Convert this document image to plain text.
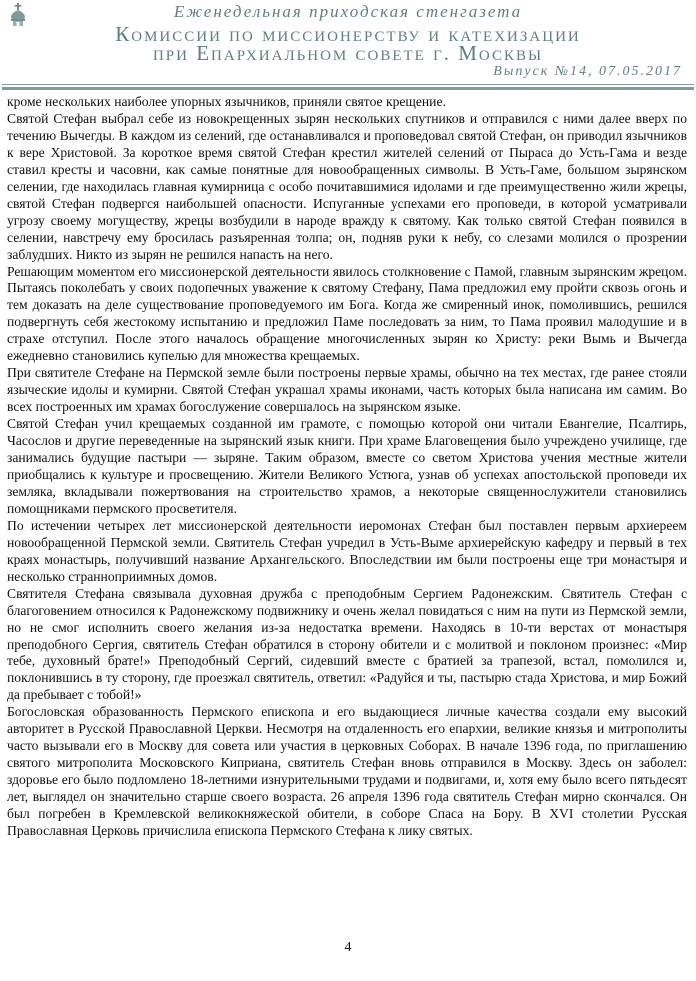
Еженедельная приходская стенгазета
Комиссии по миссионерству и катехизации
при Епархиальном совете г. Москвы
Выпуск №14, 07.05.2017

кроме нескольких наиболее упорных язычников, приняли святое крещение.

Святой Стефан выбрал себе из новокрещенных зырян нескольких спутников и отправился с ними далее вверх по течению Вычегды. В каждом из селений, где останавливался и проповедовал святой Стефан, он приводил язычников к вере Христовой. За короткое время святой Стефан крестил жителей селений от Пыраса до Усть-Гама и везде ставил кресты и часовни, как самые понятные для новообращенных символы. В Усть-Гаме, большом зырянском селении, где находилась главная кумирница с особо почитавшимися идолами и где преимущественно жили жрецы, святой Стефан подвергся наибольшей опасности. Испуганные успехами его проповеди, в которой усматривали угрозу своему могуществу, жрецы возбудили в народе вражду к святому. Как только святой Стефан появился в селении, навстречу ему бросилась разъяренная толпа; он, подняв руки к небу, со слезами молился о прозрении заблудших. Никто из зырян не решился напасть на него.

Решающим моментом его миссионерской деятельности явилось столкновение с Памой, главным зырянским жрецом. Пытаясь поколебать у своих подопечных уважение к святому Стефану, Пама предложил ему пройти сквозь огонь и тем доказать на деле существование проповедуемого им Бога. Когда же смиренный инок, помолившись, решился подвергнуть себя жестокому испытанию и предложил Паме последовать за ним, то Пама проявил малодушие и в страхе отступил. После этого началось обращение многочисленных зырян ко Христу: реки Вымь и Вычегда ежедневно становились купелью для множества крещаемых.

При святителе Стефане на Пермской земле были построены первые храмы, обычно на тех местах, где ранее стояли языческие идолы и кумирни. Святой Стефан украшал храмы иконами, часть которых была написана им самим. Во всех построенных им храмах богослужение совершалось на зырянском языке.

Святой Стефан учил крещаемых созданной им грамоте, с помощью которой они читали Евангелие, Псалтирь, Часослов и другие переведенные на зырянский язык книги. При храме Благовещения было учреждено училище, где занимались будущие пастыри — зыряне. Таким образом, вместе со светом Христова учения местные жители приобщались к культуре и просвещению. Жители Великого Устюга, узнав об успехах апостольской проповеди их земляка, вкладывали пожертвования на строительство храмов, а некоторые священнослужители становились помощниками пермского просветителя.

По истечении четырех лет миссионерской деятельности иеромонах Стефан был поставлен первым архиереем новообращенной Пермской земли. Святитель Стефан учредил в Усть-Выме архиерейскую кафедру и первый в тех краях монастырь, получивший название Архангельского. Впоследствии им были построены еще три монастыря и несколько странноприимных домов.

Святителя Стефана связывала духовная дружба с преподобным Сергием Радонежским. Святитель Стефан с благоговением относился к Радонежскому подвижнику и очень желал повидаться с ним на пути из Пермской земли, но не смог исполнить своего желания из-за недостатка времени. Находясь в 10-ти верстах от монастыря преподобного Сергия, святитель Стефан обратился в сторону обители и с молитвой и поклоном произнес: «Мир тебе, духовный брате!» Преподобный Сергий, сидевший вместе с братией за трапезой, встал, помолился и, поклонившись в ту сторону, где проезжал святитель, ответил: «Радуйся и ты, пастырю стада Христова, и мир Божий да пребывает с тобой!»

Богословская образованность Пермского епископа и его выдающиеся личные качества создали ему высокий авторитет в Русской Православной Церкви. Несмотря на отдаленность его епархии, великие князья и митрополиты часто вызывали его в Москву для совета или участия в церковных Соборах. В начале 1396 года, по приглашению святого митрополита Московского Киприана, святитель Стефан вновь отправился в Москву. Здесь он заболел: здоровье его было подломлено 18-летними изнурительными трудами и подвигами, и, хотя ему было всего пятьдесят лет, выглядел он значительно старше своего возраста. 26 апреля 1396 года святитель Стефан мирно скончался. Он был погребен в Кремлевской великокняжеской обители, в соборе Спаса на Бору. В XVI столетии Русская Православная Церковь причислила епископа Пермского Стефана к лику святых.

4
